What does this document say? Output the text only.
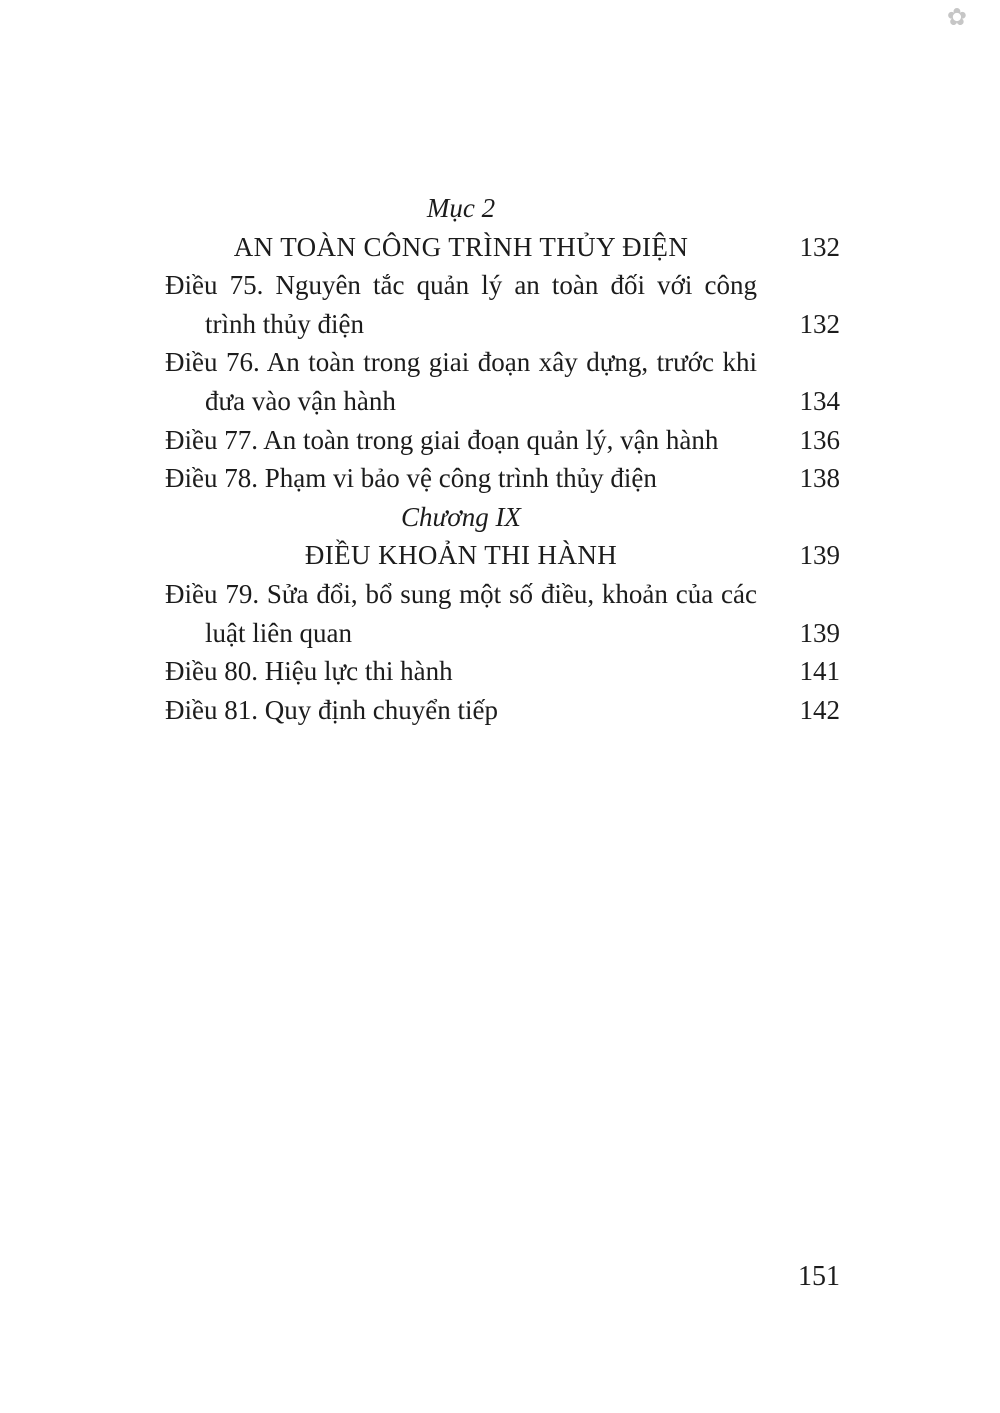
✿
Mục 2
AN TOÀN CÔNG TRÌNH THỦY ĐIỆN	132
Điều 75. Nguyên tắc quản lý an toàn đối với công
trình thủy điện	132
Điều 76. An toàn trong giai đoạn xây dựng, trước khi
đưa vào vận hành	134
Điều 77. An toàn trong giai đoạn quản lý, vận hành	136
Điều 78. Phạm vi bảo vệ công trình thủy điện	138
Chương IX
ĐIỀU KHOẢN THI HÀNH	139
Điều 79. Sửa đổi, bổ sung một số điều, khoản của các
luật liên quan	139
Điều 80. Hiệu lực thi hành	141
Điều 81. Quy định chuyển tiếp	142
151
